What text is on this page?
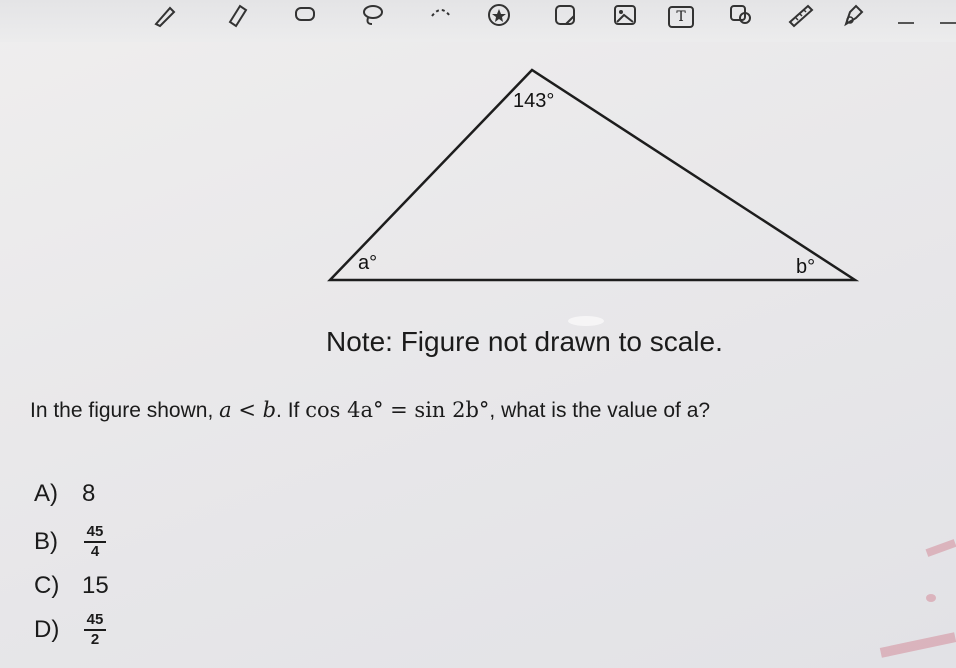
T
143°
a°	b°
Note: Figure not drawn to scale.
In the figure shown, a < b. If cos 4a° = sin 2b°, what is the value of a?
A)	8
B)	$\frac{45}{4}$
C) 15
D)	$\frac{45}{2}$
